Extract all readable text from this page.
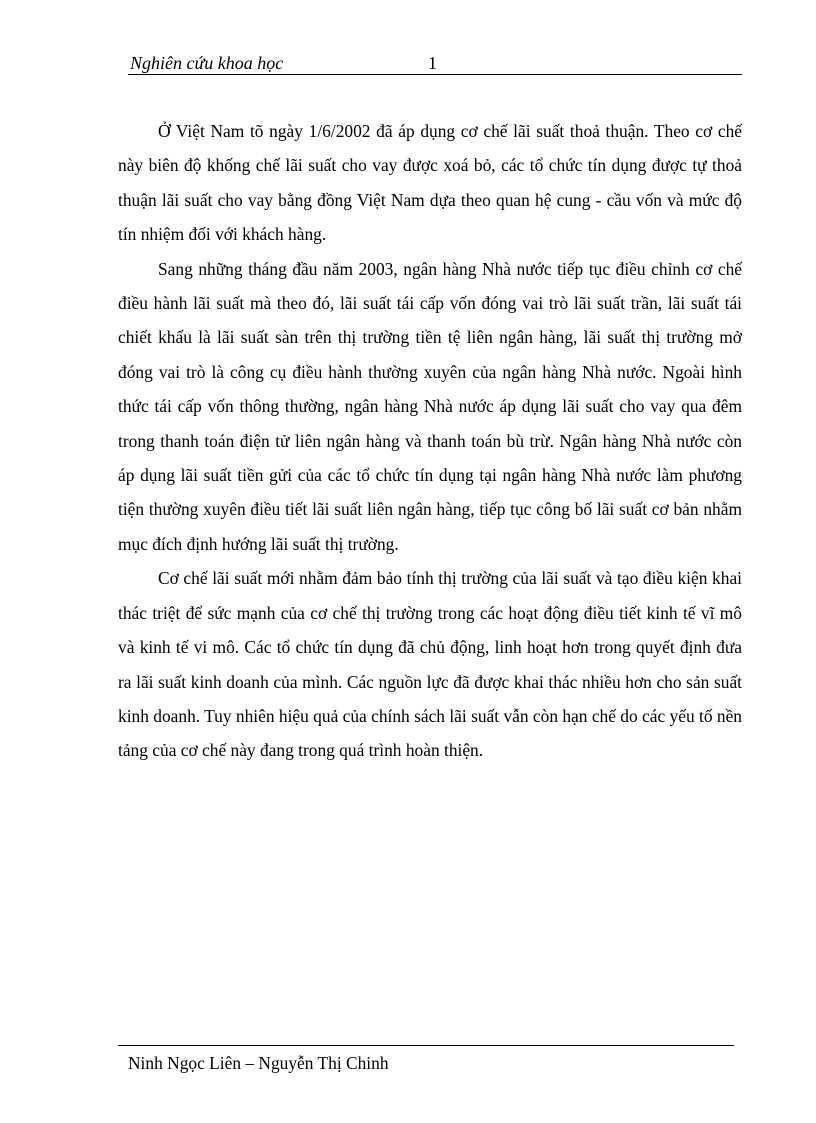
Nghiên cứu khoa học	1

Ở Việt Nam tõ ngày 1/6/2002 đã áp dụng cơ chế lãi suất thoả thuận. Theo cơ chế này biên độ khống chế lãi suất cho vay được xoá bỏ, các tổ chức tín dụng được tự thoả thuận lãi suất cho vay bằng đồng Việt Nam dựa theo quan hệ cung - cầu vốn và mức độ tín nhiệm đối với khách hàng.

Sang những tháng đầu năm 2003, ngân hàng Nhà nước tiếp tục điều chỉnh cơ chế điều hành lãi suất mà theo đó, lãi suất tái cấp vốn đóng vai trò lãi suất trần, lãi suất tái chiết khấu là lãi suất sàn trên thị trường tiền tệ liên ngân hàng, lãi suất thị trường mở đóng vai trò là công cụ điều hành thường xuyên của ngân hàng Nhà nước. Ngoài hình thức tái cấp vốn thông thường, ngân hàng Nhà nước áp dụng lãi suất cho vay qua đêm trong thanh toán điện tử liên ngân hàng và thanh toán bù trừ. Ngân hàng Nhà nước còn áp dụng lãi suất tiền gửi của các tổ chức tín dụng tại ngân hàng Nhà nước làm phương tiện thường xuyên điều tiết lãi suất liên ngân hàng, tiếp tục công bố lãi suất cơ bản nhằm mục đích định hướng lãi suất thị trường.

Cơ chế lãi suất mới nhằm đảm bảo tính thị trường của lãi suất và tạo điều kiện khai thác triệt để sức mạnh của cơ chế thị trường trong các hoạt động điều tiết kinh tế vĩ mô và kinh tế vi mô. Các tổ chức tín dụng đã chủ động, linh hoạt hơn trong quyết định đưa ra lãi suất kinh doanh của mình. Các nguồn lực đã được khai thác nhiều hơn cho sản suất kinh doanh. Tuy nhiên hiệu quả của chính sách lãi suất vẫn còn hạn chế do các yếu tố nền tảng của cơ chế này đang trong quá trình hoàn thiện.

Ninh Ngọc Liên – Nguyễn Thị Chinh
